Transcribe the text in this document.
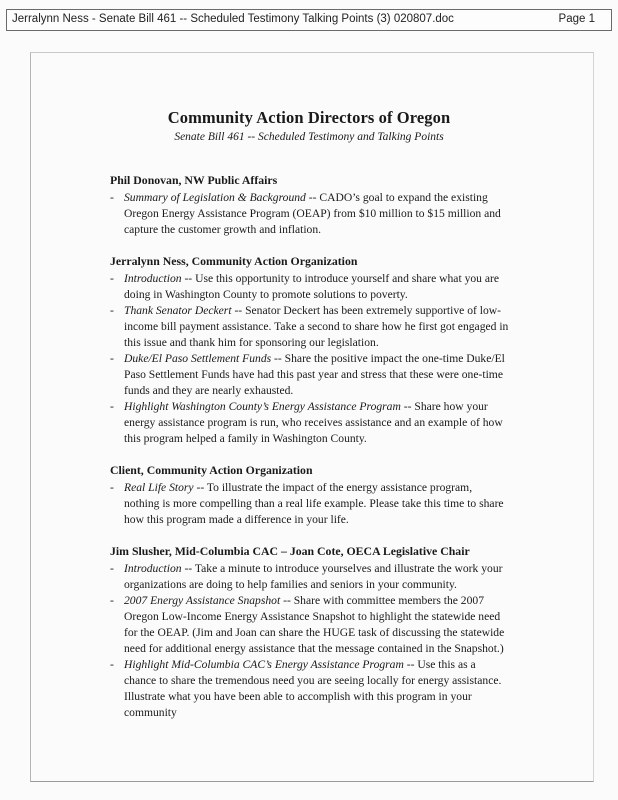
Jerralynn Ness - Senate Bill 461 -- Scheduled Testimony Talking Points (3) 020807.doc	Page 1
Community Action Directors of Oregon
Senate Bill 461 -- Scheduled Testimony and Talking Points
Phil Donovan, NW Public Affairs
- Summary of Legislation & Background -- CADO’s goal to expand the existing Oregon Energy Assistance Program (OEAP) from $10 million to $15 million and capture the customer growth and inflation.
Jerralynn Ness, Community Action Organization
- Introduction -- Use this opportunity to introduce yourself and share what you are doing in Washington County to promote solutions to poverty.
- Thank Senator Deckert -- Senator Deckert has been extremely supportive of low-income bill payment assistance. Take a second to share how he first got engaged in this issue and thank him for sponsoring our legislation.
- Duke/El Paso Settlement Funds -- Share the positive impact the one-time Duke/El Paso Settlement Funds have had this past year and stress that these were one-time funds and they are nearly exhausted.
- Highlight Washington County’s Energy Assistance Program -- Share how your energy assistance program is run, who receives assistance and an example of how this program helped a family in Washington County.
Client, Community Action Organization
- Real Life Story -- To illustrate the impact of the energy assistance program, nothing is more compelling than a real life example. Please take this time to share how this program made a difference in your life.
Jim Slusher, Mid-Columbia CAC – Joan Cote, OECA Legislative Chair
- Introduction -- Take a minute to introduce yourselves and illustrate the work your organizations are doing to help families and seniors in your community.
- 2007 Energy Assistance Snapshot -- Share with committee members the 2007 Oregon Low-Income Energy Assistance Snapshot to highlight the statewide need for the OEAP. (Jim and Joan can share the HUGE task of discussing the statewide need for additional energy assistance that the message contained in the Snapshot.)
- Highlight Mid-Columbia CAC’s Energy Assistance Program -- Use this as a chance to share the tremendous need you are seeing locally for energy assistance. Illustrate what you have been able to accomplish with this program in your community
